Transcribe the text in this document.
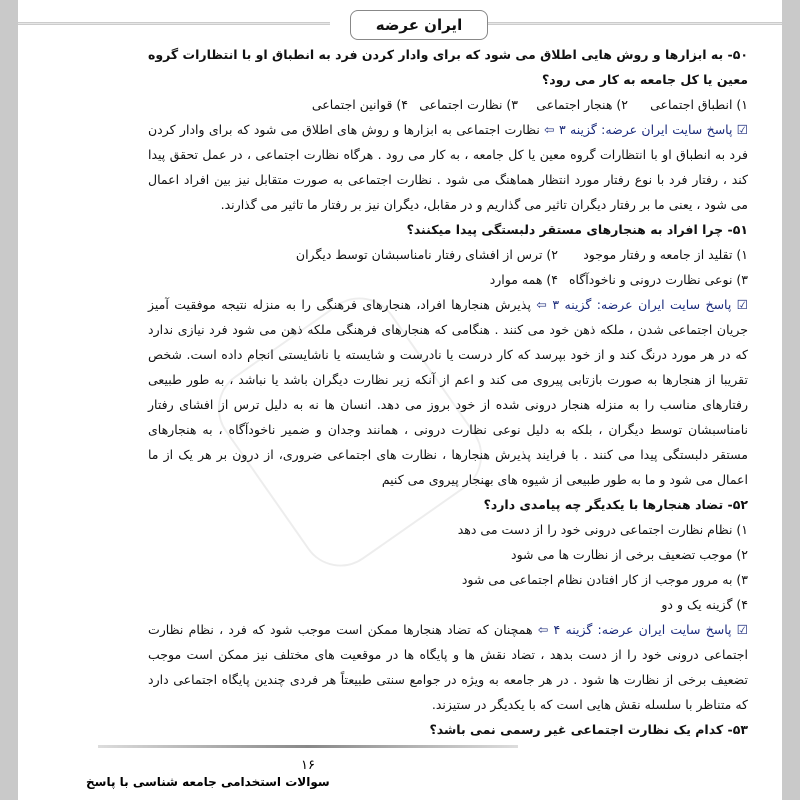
ایران عرضه

۵۰- به ابزارها و روش هایی اطلاق می شود که برای وادار کردن فرد به انطباق او با انتظارات گروه معین یا کل جامعه به کار می رود؟

۱) انطباق اجتماعی
۲) هنجار اجتماعی
۳) نظارت اجتماعی
۴) قوانین اجتماعی

☑ پاسخ سایت ایران عرضه: گزینه ۳ ⇦ نظارت اجتماعی به ابزارها و روش های اطلاق می شود که برای وادار کردن فرد به انطباق او با انتظارات گروه معین یا کل جامعه ، به کار می رود . هرگاه نظارت اجتماعی ، در عمل تحقق پیدا کند ، رفتار فرد با نوع رفتار مورد انتظار هماهنگ می شود . نظارت اجتماعی به صورت متقابل نیز بین افراد اعمال می شود ، یعنی ما بر رفتار دیگران تاثیر می گذاریم و در مقابل، دیگران نیز بر رفتار ما تاثیر می گذارند.

۵۱- چرا افراد به هنجارهای مستقر دلبستگی پیدا میکنند؟

۱) تقلید از جامعه و رفتار موجود
۲) ترس از افشای رفتار نامناسبشان توسط دیگران

۳) نوعی نظارت درونی و ناخودآگاه
۴) همه موارد

☑ پاسخ سایت ایران عرضه: گزینه ۳ ⇦ پذیرش هنجارها افراد، هنجارهای فرهنگی را به منزله نتیجه موفقیت آمیز جریان اجتماعی شدن ، ملکه ذهن خود می کنند . هنگامی که هنجارهای فرهنگی ملکه ذهن می شود فرد نیازی ندارد که در هر مورد درنگ کند و از خود بپرسد که کار درست یا نادرست و شایسته یا ناشایستی انجام داده است. شخص تقریبا از هنجارها به صورت بازتابی پیروی می کند و اعم از آنکه زیر نظارت دیگران باشد یا نباشد ، به طور طبیعی رفتارهای مناسب را به منزله هنجار درونی شده از خود بروز می دهد. انسان ها نه به دلیل ترس از افشای رفتار نامناسبشان توسط دیگران ، بلکه به دلیل نوعی نظارت درونی ، همانند وجدان و ضمیر ناخودآگاه ، به هنجارهای مستقر دلبستگی پیدا می کنند . با فرایند پذیرش هنجارها ، نظارت های اجتماعی ضروری، از درون بر هر یک از ما اعمال می شود و ما به طور طبیعی از شیوه های بهنجار پیروی می کنیم

۵۲- تضاد هنجارها با یکدیگر چه پیامدی دارد؟

۱) نظام نظارت اجتماعی درونی خود را از دست می دهد

۲) موجب تضعیف برخی از نظارت ها می شود

۳) به مرور موجب از کار افتادن نظام اجتماعی می شود

۴) گزینه یک و دو

☑ پاسخ سایت ایران عرضه: گزینه ۴ ⇦ همچنان که تضاد هنجارها ممکن است موجب شود که فرد ، نظام نظارت اجتماعی درونی خود را از دست بدهد ، تضاد نقش ها و پایگاه ها در موقعیت های مختلف نیز ممکن است موجب تضعیف برخی از نظارت ها شود . در هر جامعه به ویژه در جوامع سنتی طبیعتاً هر فردی چندین پایگاه اجتماعی دارد که متناظر با سلسله نقش هایی است که با یکدیگر در ستیزند.

۵۳- کدام یک نظارت اجتماعی غیر رسمی نمی باشد؟

۱۶
سوالات استخدامی جامعه شناسی با پاسخ
